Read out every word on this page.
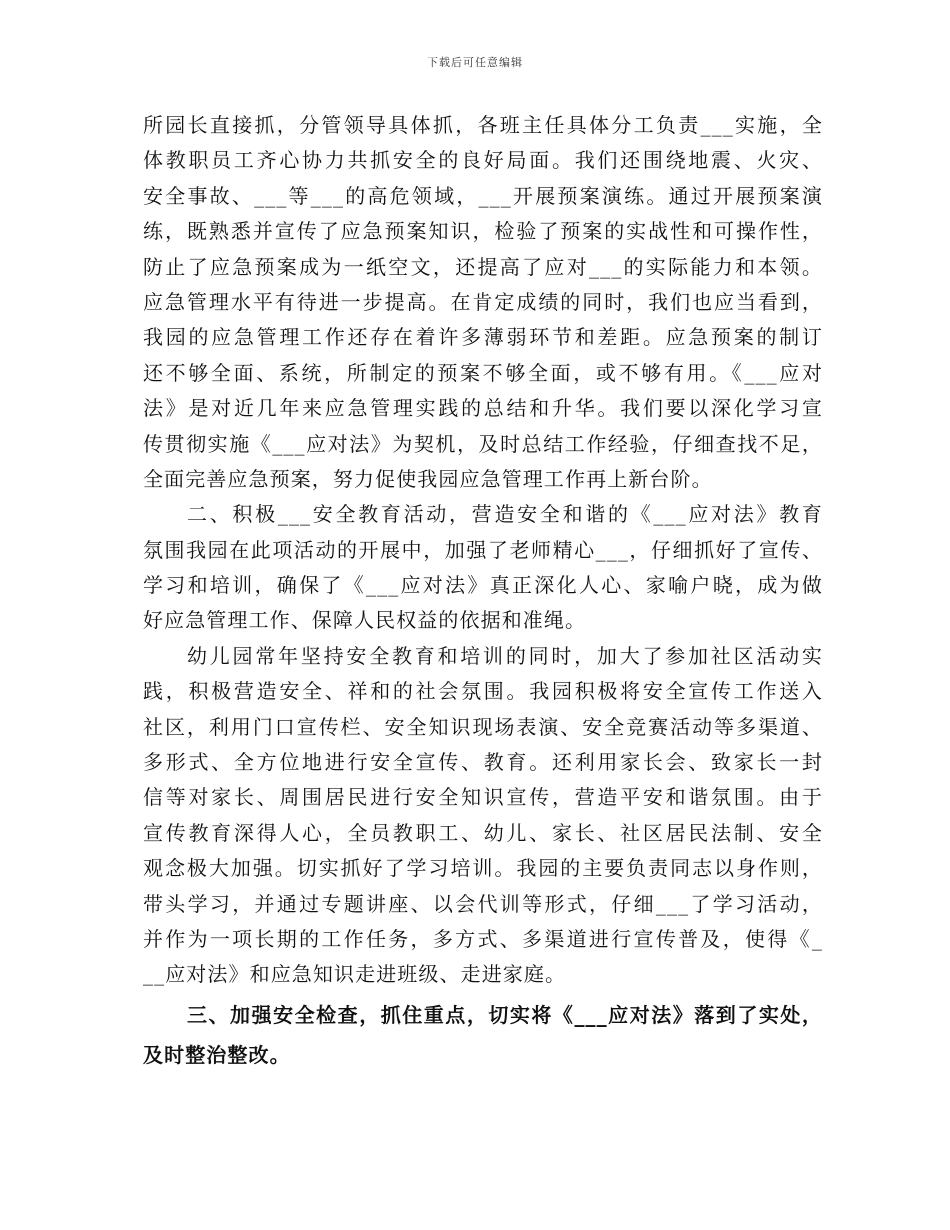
下载后可任意编辑
所园长直接抓，分管领导具体抓，各班主任具体分工负责___实施，全
体教职员工齐心协力共抓安全的良好局面。我们还围绕地震、火灾、
安全事故、___等___的高危领域，___开展预案演练。通过开展预案演
练，既熟悉并宣传了应急预案知识，检验了预案的实战性和可操作性，
防止了应急预案成为一纸空文，还提高了应对___的实际能力和本领。
应急管理水平有待进一步提高。在肯定成绩的同时，我们也应当看到，
我园的应急管理工作还存在着许多薄弱环节和差距。应急预案的制订
还不够全面、系统，所制定的预案不够全面，或不够有用。《___应对
法》是对近几年来应急管理实践的总结和升华。我们要以深化学习宣
传贯彻实施《___应对法》为契机，及时总结工作经验，仔细查找不足，
全面完善应急预案，努力促使我园应急管理工作再上新台阶。
二、积极___安全教育活动，营造安全和谐的《___应对法》教育
氛围我园在此项活动的开展中，加强了老师精心___，仔细抓好了宣传、
学习和培训，确保了《___应对法》真正深化人心、家喻户晓，成为做
好应急管理工作、保障人民权益的依据和准绳。
幼儿园常年坚持安全教育和培训的同时，加大了参加社区活动实
践，积极营造安全、祥和的社会氛围。我园积极将安全宣传工作送入
社区，利用门口宣传栏、安全知识现场表演、安全竞赛活动等多渠道、
多形式、全方位地进行安全宣传、教育。还利用家长会、致家长一封
信等对家长、周围居民进行安全知识宣传，营造平安和谐氛围。由于
宣传教育深得人心，全员教职工、幼儿、家长、社区居民法制、安全
观念极大加强。切实抓好了学习培训。我园的主要负责同志以身作则，
带头学习，并通过专题讲座、以会代训等形式，仔细___了学习活动，
并作为一项长期的工作任务，多方式、多渠道进行宣传普及，使得《_
__应对法》和应急知识走进班级、走进家庭。
三、加强安全检查，抓住重点，切实将《___应对法》落到了实处，
及时整治整改。
